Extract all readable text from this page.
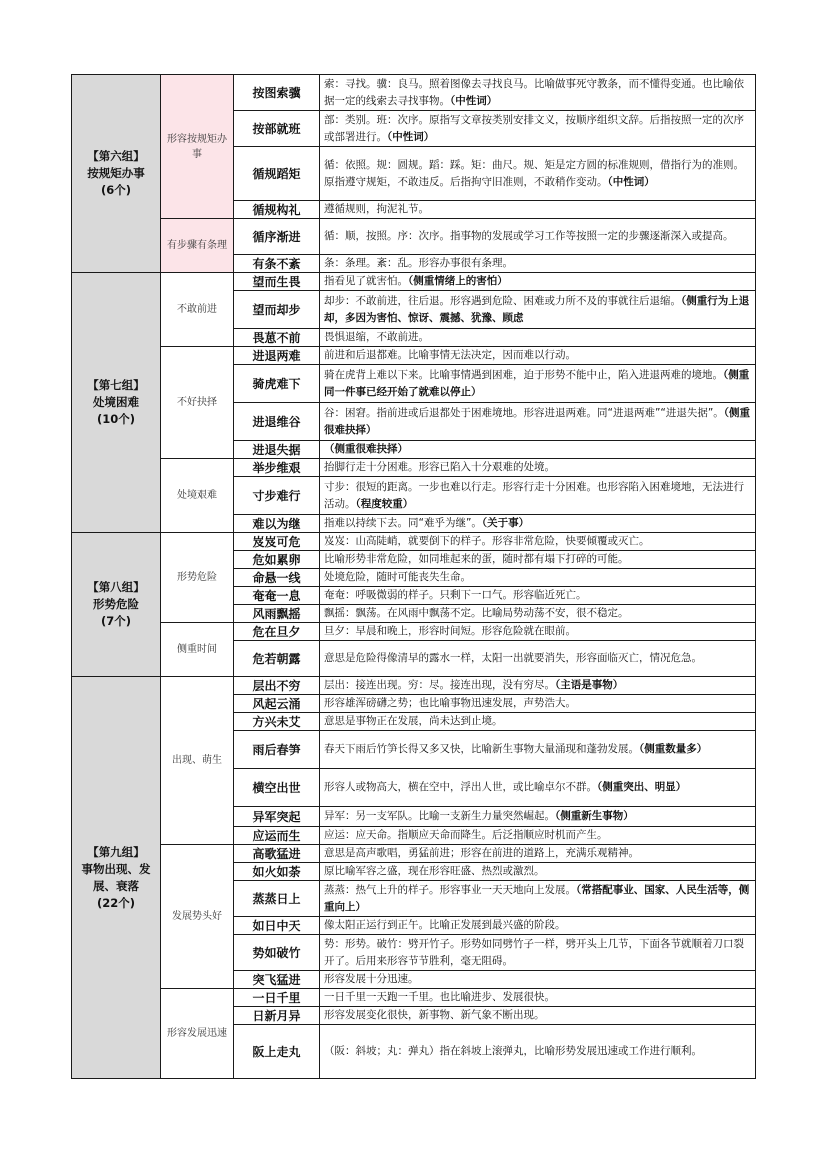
【第六组】
按规矩办事
(6个)	形容按规矩办事	按图索骥	索：寻找。骥：良马。照着图像去寻找良马。比喻做事死守教条，而不懂得变通。也比喻依据一定的线索去寻找事物。（中性词）
		按部就班	部：类别。班：次序。原指写文章按类别安排文义，按顺序组织文辞。后指按照一定的次序或部署进行。（中性词）
		循规蹈矩	循：依照。规：圆规。蹈：踩。矩：曲尺。规、矩是定方圆的标准规则，借指行为的准则。原指遵守规矩，不敢违反。后指拘守旧准则，不敢稍作变动。（中性词）
		循规构礼	遵循规则，拘泥礼节。
	有步骤有条理	循序渐进	循：顺，按照。序：次序。指事物的发展或学习工作等按照一定的步骤逐渐深入或提高。
		有条不紊	条：条理。紊：乱。形容办事很有条理。
【第七组】
处境困难
(10个)	不敢前进	望而生畏	指看见了就害怕。（侧重情绪上的害怕）
		望而却步	却步：不敢前进，往后退。形容遇到危险、困难或力所不及的事就往后退缩。（侧重行为上退却，多因为害怕、惊讶、震撼、犹豫、顾虑
		畏葸不前	畏惧退缩，不敢前进。
	不好抉择	进退两难	前进和后退都难。比喻事情无法决定，因而难以行动。
		骑虎难下	骑在虎背上难以下来。比喻事情遇到困难，迫于形势不能中止，陷入进退两难的境地。（侧重同一件事已经开始了就难以停止）
		进退维谷	谷：困窘。指前进或后退都处于困难境地。形容进退两难。同“进退两难”“进退失据”。（侧重很难抉择）
		进退失据	（侧重很难抉择）
	处境艰难	举步维艰	抬脚行走十分困难。形容已陷入十分艰难的处境。
		寸步难行	寸步：很短的距离。一步也难以行走。形容行走十分困难。也形容陷入困难境地，无法进行活动。（程度较重）
		难以为继	指难以持续下去。同“难乎为继”。（关于事）
【第八组】
形势危险
(7个)	形势危险	岌岌可危	岌岌：山高陡峭，就要倒下的样子。形容非常危险，快要倾覆或灭亡。
		危如累卵	比喻形势非常危险，如同堆起来的蛋，随时都有塌下打碎的可能。
		命悬一线	处境危险，随时可能丧失生命。
		奄奄一息	奄奄：呼吸微弱的样子。只剩下一口气。形容临近死亡。
		风雨飘摇	飘摇：飘荡。在风雨中飘荡不定。比喻局势动荡不安，很不稳定。
	侧重时间	危在旦夕	旦夕：早晨和晚上，形容时间短。形容危险就在眼前。
		危若朝露	意思是危险得像清早的露水一样，太阳一出就要消失，形容面临灭亡，情况危急。
【第九组】
事物出现、发展、衰落
(22个)	出现、萌生	层出不穷	层出：接连出现。穷：尽。接连出现，没有穷尽。（主语是事物）
		风起云涌	形容雄浑磅礴之势；也比喻事物迅速发展，声势浩大。
		方兴未艾	意思是事物正在发展，尚未达到止境。
		雨后春笋	春天下雨后竹笋长得又多又快，比喻新生事物大量涌现和蓬勃发展。（侧重数量多）
		横空出世	形容人或物高大，横在空中，浮出人世，或比喻卓尔不群。（侧重突出、明显）
		异军突起	异军：另一支军队。比喻一支新生力量突然崛起。（侧重新生事物）
		应运而生	应运：应天命。指顺应天命而降生。后泛指顺应时机而产生。
	发展势头好	高歌猛进	意思是高声歌唱，勇猛前进；形容在前进的道路上，充满乐观精神。
		如火如荼	原比喻军容之盛，现在形容旺盛、热烈或激烈。
		蒸蒸日上	蒸蒸：热气上升的样子。形容事业一天天地向上发展。（常搭配事业、国家、人民生活等，侧重向上）
		如日中天	像太阳正运行到正午。比喻正发展到最兴盛的阶段。
		势如破竹	势：形势。破竹：劈开竹子。形势如同劈竹子一样，劈开头上几节，下面各节就顺着刀口裂开了。后用来形容节节胜利，毫无阻碍。
		突飞猛进	形容发展十分迅速。
	形容发展迅速	一日千里	一日千里一天跑一千里。也比喻进步、发展很快。
		日新月异	形容发展变化很快，新事物、新气象不断出现。
		阪上走丸	（阪：斜坡；丸：弹丸）指在斜坡上滚弹丸，比喻形势发展迅速或工作进行顺利。
